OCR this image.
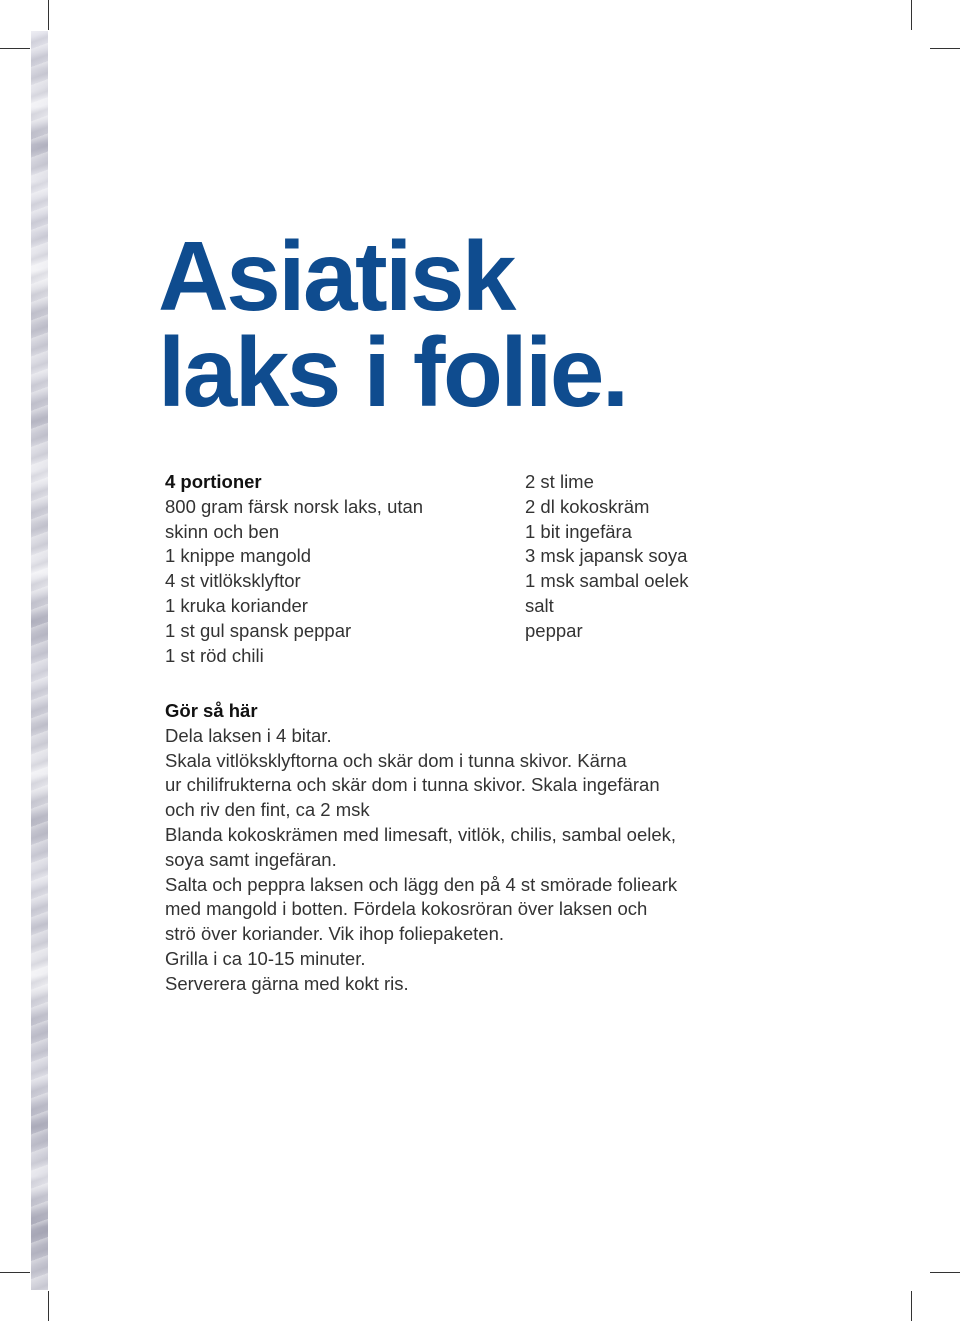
Asiatisk
laks i folie.
4 portioner
800 gram färsk norsk laks, utan
skinn och ben
1 knippe mangold
4 st vitlöksklyftor
1 kruka koriander
1 st gul spansk peppar
1 st röd chili
2 st lime
2 dl kokoskräm
1 bit ingefära
3 msk japansk soya
1 msk sambal oelek
salt
peppar
Gör så här
Dela laksen i 4 bitar.
Skala vitlöksklyftorna och skär dom i tunna skivor. Kärna
ur chilifrukterna och skär dom i tunna skivor. Skala ingefäran
och riv den fint, ca 2 msk
Blanda kokoskrämen med limesaft, vitlök, chilis, sambal oelek,
soya samt ingefäran.
Salta och peppra laksen och lägg den på 4 st smörade folieark
med mangold i botten. Fördela kokosröran över laksen och
strö över koriander. Vik ihop foliepaketen.
Grilla i ca 10-15 minuter.
Serverera gärna med kokt ris.
